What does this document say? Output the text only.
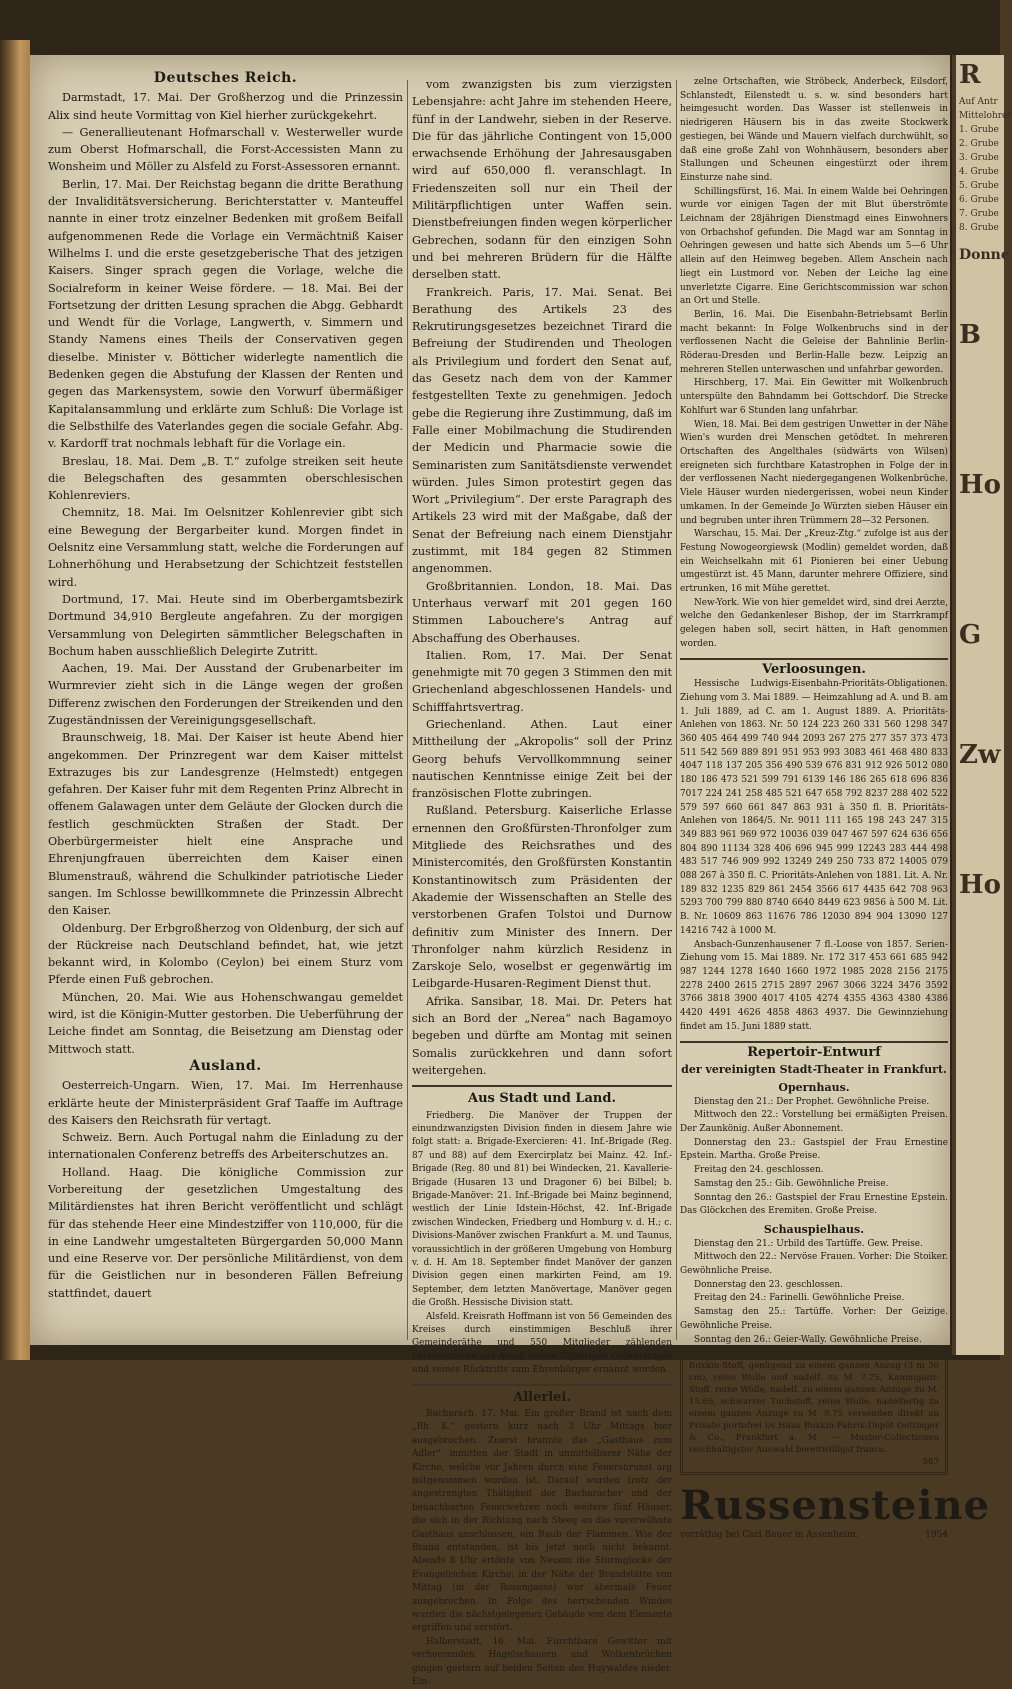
Deutsches Reich.

Darmstadt, 17. Mai. Der Großherzog und die Prinzessin Alix sind heute Vormittag von Kiel hierher zurückgekehrt.

— Generallieutenant Hofmarschall v. Westerweller wurde zum Oberst Hofmarschall, die Forst-Accessisten Mann zu Wonsheim und Möller zu Alsfeld zu Forst-Assessoren ernannt.

Berlin, 17. Mai. Der Reichstag begann die dritte Berathung der Invaliditätsversicherung. Berichterstatter v. Manteuffel nannte in einer trotz einzelner Bedenken mit großem Beifall aufgenommenen Rede die Vorlage ein Vermächtniß Kaiser Wilhelms I. und die erste gesetzgeberische That des jetzigen Kaisers. Singer sprach gegen die Vorlage, welche die Socialreform in keiner Weise fördere. — 18. Mai. Bei der Fortsetzung der dritten Lesung sprachen die Abgg. Gebhardt und Wendt für die Vorlage, Langwerth, v. Simmern und Standy Namens eines Theils der Conservativen gegen dieselbe. Minister v. Bötticher widerlegte namentlich die Bedenken gegen die Abstufung der Klassen der Renten und gegen das Markensystem, sowie den Vorwurf übermäßiger Kapitalansammlung und erklärte zum Schluß: Die Vorlage ist die Selbsthilfe des Vaterlandes gegen die sociale Gefahr. Abg. v. Kardorff trat nochmals lebhaft für die Vorlage ein.

Breslau, 18. Mai. Dem „B. T.“ zufolge streiken seit heute die Belegschaften des gesammten oberschlesischen Kohlenreviers.

Chemnitz, 18. Mai. Im Oelsnitzer Kohlenrevier gibt sich eine Bewegung der Bergarbeiter kund. Morgen findet in Oelsnitz eine Versammlung statt, welche die Forderungen auf Lohnerhöhung und Herabsetzung der Schichtzeit feststellen wird.

Dortmund, 17. Mai. Heute sind im Oberbergamtsbezirk Dortmund 34,910 Bergleute angefahren. Zu der morgigen Versammlung von Delegirten sämmtlicher Belegschaften in Bochum haben ausschließlich Delegirte Zutritt.

Aachen, 19. Mai. Der Ausstand der Grubenarbeiter im Wurmrevier zieht sich in die Länge wegen der großen Differenz zwischen den Forderungen der Streikenden und den Zugeständnissen der Vereinigungsgesellschaft.

Braunschweig, 18. Mai. Der Kaiser ist heute Abend hier angekommen. Der Prinzregent war dem Kaiser mittelst Extrazuges bis zur Landesgrenze (Helmstedt) entgegen gefahren. Der Kaiser fuhr mit dem Regenten Prinz Albrecht in offenem Galawagen unter dem Geläute der Glocken durch die festlich geschmückten Straßen der Stadt. Der Oberbürgermeister hielt eine Ansprache und Ehrenjungfrauen überreichten dem Kaiser einen Blumenstrauß, während die Schulkinder patriotische Lieder sangen. Im Schlosse bewillkommnete die Prinzessin Albrecht den Kaiser.

Oldenburg. Der Erbgroßherzog von Oldenburg, der sich auf der Rückreise nach Deutschland befindet, hat, wie jetzt bekannt wird, in Kolombo (Ceylon) bei einem Sturz vom Pferde einen Fuß gebrochen.

München, 20. Mai. Wie aus Hohenschwangau gemeldet wird, ist die Königin-Mutter gestorben. Die Ueberführung der Leiche findet am Sonntag, die Beisetzung am Dienstag oder Mittwoch statt.

Ausland.

Oesterreich-Ungarn. Wien, 17. Mai. Im Herrenhause erklärte heute der Ministerpräsident Graf Taaffe im Auftrage des Kaisers den Reichsrath für vertagt.

Schweiz. Bern. Auch Portugal nahm die Einladung zu der internationalen Conferenz betreffs des Arbeiterschutzes an.

Holland. Haag. Die königliche Commission zur Vorbereitung der gesetzlichen Umgestaltung des Militärdienstes hat ihren Bericht veröffentlicht und schlägt für das stehende Heer eine Mindestziffer von 110,000, für die in eine Landwehr umgestalteten Bürgergarden 50,000 Mann und eine Reserve vor. Der persönliche Militärdienst, von dem für die Geistlichen nur in besonderen Fällen Befreiung stattfindet, dauert

vom zwanzigsten bis zum vierzigsten Lebensjahre: acht Jahre im stehenden Heere, fünf in der Landwehr, sieben in der Reserve. Die für das jährliche Contingent von 15,000 erwachsende Erhöhung der Jahresausgaben wird auf 650,000 fl. veranschlagt. In Friedenszeiten soll nur ein Theil der Militärpflichtigen unter Waffen sein. Dienstbefreiungen finden wegen körperlicher Gebrechen, sodann für den einzigen Sohn und bei mehreren Brüdern für die Hälfte derselben statt.

Frankreich. Paris, 17. Mai. Senat. Bei Berathung des Artikels 23 des Rekrutirungsgesetzes bezeichnet Tirard die Befreiung der Studirenden und Theologen als Privilegium und fordert den Senat auf, das Gesetz nach dem von der Kammer festgestellten Texte zu genehmigen. Jedoch gebe die Regierung ihre Zustimmung, daß im Falle einer Mobilmachung die Studirenden der Medicin und Pharmacie sowie die Seminaristen zum Sanitätsdienste verwendet würden. Jules Simon protestirt gegen das Wort „Privilegium“. Der erste Paragraph des Artikels 23 wird mit der Maßgabe, daß der Senat der Befreiung nach einem Dienstjahr zustimmt, mit 184 gegen 82 Stimmen angenommen.

Großbritannien. London, 18. Mai. Das Unterhaus verwarf mit 201 gegen 160 Stimmen Labouchere's Antrag auf Abschaffung des Oberhauses.

Italien. Rom, 17. Mai. Der Senat genehmigte mit 70 gegen 3 Stimmen den mit Griechenland abgeschlossenen Handels- und Schifffahrtsvertrag.

Griechenland. Athen. Laut einer Mittheilung der „Akropolis“ soll der Prinz Georg behufs Vervollkommnung seiner nautischen Kenntnisse einige Zeit bei der französischen Flotte zubringen.

Rußland. Petersburg. Kaiserliche Erlasse ernennen den Großfürsten-Thronfolger zum Mitgliede des Reichsrathes und des Ministercomités, den Großfürsten Konstantin Konstantinowitsch zum Präsidenten der Akademie der Wissenschaften an Stelle des verstorbenen Grafen Tolstoi und Durnow definitiv zum Minister des Innern. Der Thronfolger nahm kürzlich Residenz in Zarskoje Selo, woselbst er gegenwärtig im Leibgarde-Husaren-Regiment Dienst thut.

Afrika. Sansibar, 18. Mai. Dr. Peters hat sich an Bord der „Nerea“ nach Bagamoyo begeben und dürfte am Montag mit seinen Somalis zurückkehren und dann sofort weitergehen.

Aus Stadt und Land.

Friedberg. Die Manöver der Truppen der einundzwanzigsten Division finden in diesem Jahre wie folgt statt: a. Brigade-Exercieren: 41. Inf.-Brigade (Reg. 87 und 88) auf dem Exercirplatz bei Mainz. 42. Inf.-Brigade (Reg. 80 und 81) bei Windecken, 21. Kavallerie-Brigade (Husaren 13 und Dragoner 6) bei Bilbel; b. Brigade-Manöver: 21. Inf.-Brigade bei Mainz beginnend, westlich der Linie Idstein-Höchst, 42. Inf.-Brigade zwischen Windecken, Friedberg und Homburg v. d. H.; c. Divisions-Manöver zwischen Frankfurt a. M. und Taunus, voraussichtlich in der größeren Umgebung von Homburg v. d. H. Am 18. September findet Manöver der ganzen Division gegen einen markirten Feind, am 19. September, dem letzten Manövertage, Manöver gegen die Großh. Hessische Division statt.

Alsfeld. Kreisrath Hoffmann ist von 56 Gemeinden des Kreises durch einstimmigen Beschluß ihrer Gemeinderäthe und 550 Mitglieder zählenden Ortsvorstände aus Anlaß seines 70jährigen Geburtstages und seines Rücktritts zum Ehrenbürger ernannt worden.

Allerlei.

Bacharach, 17. Mai. Ein großer Brand ist nach dem „Rh. K.“ gestern kurz nach 3 Uhr Mittags hier ausgebrochen. Zuerst brannte das „Gasthaus zum Adler“, inmitten der Stadt in unmittelbarer Nähe der Kirche, welche vor Jahren durch eine Feuersbrunst arg mitgenommen worden ist. Darauf wurden trotz der angestrengten Thätigkeit der Bacharacher und der benachbarten Feuerwehren noch weitere fünf Häuser, die sich in der Richtung nach Steeg an das vorerwähnte Gasthaus anschlossen, ein Raub der Flammen. Wie der Brand entstanden, ist bis jetzt noch nicht bekannt. Abends 8 Uhr ertönte von Neuem die Sturmglocke der Evangelischen Kirche; in der Nähe der Brandstätte von Mittag (in der Rosengasse) war abermals Feuer ausgebrochen. In Folge des herrschenden Windes wurden die nächstgelegenen Gebäude von dem Elemente ergriffen und zerstört.

Halberstadt, 16. Mai. Furchtbare Gewitter mit verheerenden Hagelschauern und Wolkenbrüchen gingen gestern auf beiden Seiten des Huywaldes nieder. Ein-

zelne Ortschaften, wie Ströbeck, Anderbeck, Eilsdorf, Schlanstedt, Eilenstedt u. s. w. sind besonders hart heimgesucht worden. Das Wasser ist stellenweis in niedrigeren Häusern bis in das zweite Stockwerk gestiegen, bei Wände und Mauern vielfach durchwühlt, so daß eine große Zahl von Wohnhäusern, besonders aber Stallungen und Scheunen eingestürzt oder ihrem Einsturze nahe sind.

Schillingsfürst, 16. Mai. In einem Walde bei Oehringen wurde vor einigen Tagen der mit Blut überströmte Leichnam der 28jährigen Dienstmagd eines Einwohners von Orbachshof gefunden. Die Magd war am Sonntag in Oehringen gewesen und hatte sich Abends um 5—6 Uhr allein auf den Heimweg begeben. Allem Anschein nach liegt ein Lustmord vor. Neben der Leiche lag eine unverletzte Cigarre. Eine Gerichtscommission war schon an Ort und Stelle.

Berlin, 16. Mai. Die Eisenbahn-Betriebsamt Berlin macht bekannt: In Folge Wolkenbruchs sind in der verflossenen Nacht die Geleise der Bahnlinie Berlin-Röderau-Dresden und Berlin-Halle bezw. Leipzig an mehreren Stellen unterwaschen und unfahrbar geworden.

Hirschberg, 17. Mai. Ein Gewitter mit Wolkenbruch unterspülte den Bahndamm bei Gottschdorf. Die Strecke Kohlfurt war 6 Stunden lang unfahrbar.

Wien, 18. Mai. Bei dem gestrigen Unwetter in der Nähe Wien's wurden drei Menschen getödtet. In mehreren Ortschaften des Angelthales (südwärts von Wilsen) ereigneten sich furchtbare Katastrophen in Folge der in der verflossenen Nacht niedergegangenen Wolkenbrüche. Viele Häuser wurden niedergerissen, wobei neun Kinder umkamen. In der Gemeinde Jo Würzten sieben Häuser ein und begruben unter ihren Trümmern 28—32 Personen.

Warschau, 15. Mai. Der „Kreuz-Ztg.“ zufolge ist aus der Festung Nowogeorgiewsk (Modlin) gemeldet worden, daß ein Weichselkahn mit 61 Pionieren bei einer Uebung umgestürzt ist. 45 Mann, darunter mehrere Offiziere, sind ertrunken, 16 mit Mühe gerettet.

New-York. Wie von hier gemeldet wird, sind drei Aerzte, welche den Gedankenleser Bishop, der im Starrkrampf gelegen haben soll, secirt hätten, in Haft genommen worden.

Verloosungen.

Hessische Ludwigs-Eisenbahn-Prioritäts-Obligationen. Ziehung vom 3. Mai 1889. — Heimzahlung ad A. und B. am 1. Juli 1889, ad C. am 1. August 1889. A. Prioritäts-Anlehen von 1863. Nr. 50 124 223 260 331 560 1298 347 360 405 464 499 740 944 2093 267 275 277 357 373 473 511 542 569 889 891 951 953 993 3083 461 468 480 833 4047 118 137 205 356 490 539 676 831 912 926 5012 080 180 186 473 521 599 791 6139 146 186 265 618 696 836 7017 224 241 258 485 521 647 658 792 8237 288 402 522 579 597 660 661 847 863 931 à 350 fl. B. Prioritäts-Anlehen von 1864/5. Nr. 9011 111 165 198 243 247 315 349 883 961 969 972 10036 039 047 467 597 624 636 656 804 890 11134 328 406 696 945 999 12243 283 444 498 483 517 746 909 992 13249 249 250 733 872 14005 079 088 267 à 350 fl. C. Prioritäts-Anlehen von 1881. Lit. A. Nr. 189 832 1235 829 861 2454 3566 617 4435 642 708 963 5293 700 799 880 8740 6640 8449 623 9856 à 500 M. Lit. B. Nr. 10609 863 11676 786 12030 894 904 13090 127 14216 742 à 1000 M.

Ansbach-Gunzenhausener 7 fl.-Loose von 1857. Serien-Ziehung vom 15. Mai 1889. Nr. 172 317 453 661 685 942 987 1244 1278 1640 1660 1972 1985 2028 2156 2175 2278 2400 2615 2715 2897 2967 3066 3224 3476 3592 3766 3818 3900 4017 4105 4274 4355 4363 4380 4386 4420 4491 4626 4858 4863 4937. Die Gewinnziehung findet am 15. Juni 1889 statt.

Repertoir-Entwurf
der vereinigten Stadt-Theater in Frankfurt.
Opernhaus.

Dienstag den 21.: Der Prophet. Gewöhnliche Preise.

Mittwoch den 22.: Vorstellung bei ermäßigten Preisen. Der Zaunkönig. Außer Abonnement.

Donnerstag den 23.: Gastspiel der Frau Ernestine Epstein. Martha. Große Preise.

Freitag den 24. geschlossen.

Samstag den 25.: Gib. Gewöhnliche Preise.

Sonntag den 26.: Gastspiel der Frau Ernestine Epstein. Das Glöckchen des Eremiten. Große Preise.

Schauspielhaus.

Dienstag den 21.: Urbild des Tartüffe. Gew. Preise.

Mittwoch den 22.: Nervöse Frauen. Vorher: Die Stoiker. Gewöhnliche Preise.

Donnerstag den 23. geschlossen.

Freitag den 24.: Farinelli. Gewöhnliche Preise.

Samstag den 25.: Tartüffe. Vorher: Der Geizige. Gewöhnliche Preise.

Sonntag den 26.: Geier-Wally. Gewöhnliche Preise.

Buxkin-Stoff, genügend zu einem ganzen Anzug (3 m 30 cm), reine Wolle und nadelf. zu M. 7.75, Kammgarn-Stoff, reine Wolle, nadelf. zu einem ganzen Anzuge zu M. 15.65, schwarzer Tuchstoff, reine Wolle, nadelfertig zu einem ganzen Anzuge zu M. 9.75 versenden direkt an Private portofrei i/s Haus Buxkin-Fabrik-Depôt Oettinger & Co., Frankfurt a. M. — Muster-Collectionen reichhaltigster Auswahl bereitwilligst franco.
587
Russensteine
vorräthig bei Carl Bauer in Assenheim.	1954
R
Auf Antr
Mittelohrer
1. Grube
2. Grube
3. Grube
4. Grube
5. Grube
6. Grube
7. Grube
8. Grube
Donne
B
Ho
G
Zw
Ho
